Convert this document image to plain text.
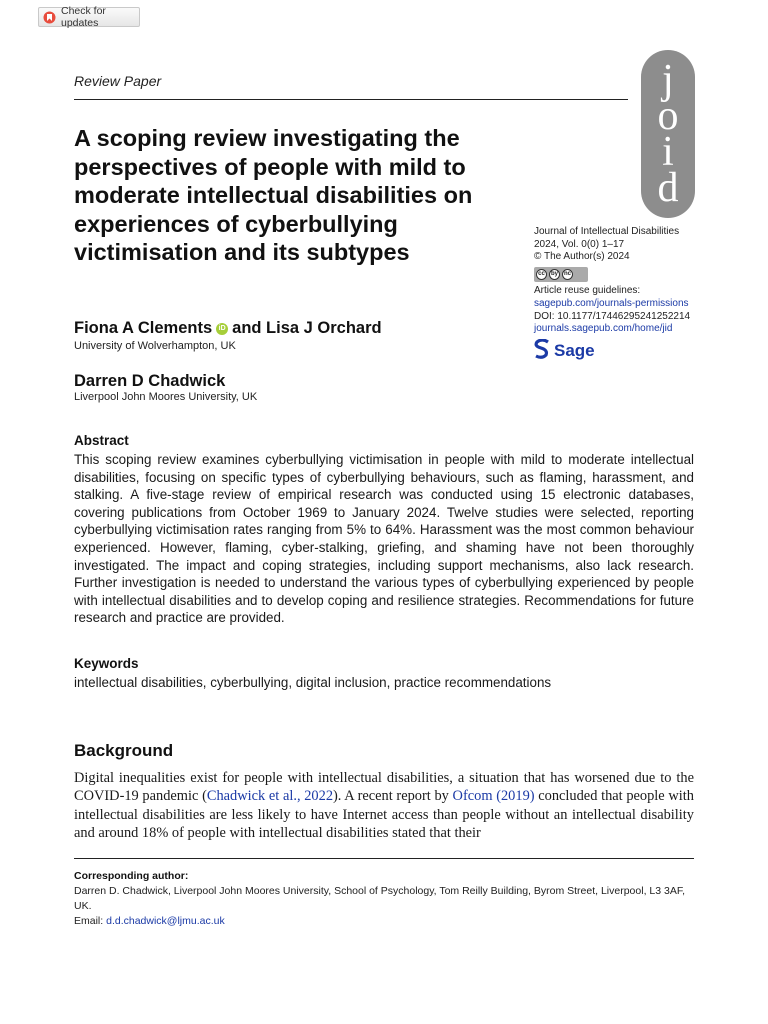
Check for updates
Review Paper	j
o
i
d
A scoping review investigating the perspectives of people with mild to moderate intellectual disabilities on experiences of cyberbullying victimisation and its subtypes
Journal of Intellectual Disabilities
2024, Vol. 0(0) 1–17
© The Author(s) 2024
cc	by nc
Article reuse guidelines:
sagepub.com/journals-permissions
DOI: 10.1177/17446295241252214
journals.sagepub.com/home/jid
Sage
Fiona A Clements iD and Lisa J Orchard
University of Wolverhampton, UK
Darren D Chadwick
Liverpool John Moores University, UK
Abstract
This scoping review examines cyberbullying victimisation in people with mild to moderate intellectual disabilities, focusing on specific types of cyberbullying behaviours, such as flaming, harassment, and stalking. A five-stage review of empirical research was conducted using 15 electronic databases, covering publications from October 1969 to January 2024. Twelve studies were selected, reporting cyberbullying victimisation rates ranging from 5% to 64%. Harassment was the most common behaviour experienced. However, flaming, cyber-stalking, griefing, and shaming have not been thoroughly investigated. The impact and coping strategies, including support mechanisms, also lack research. Further investigation is needed to understand the various types of cyberbullying experienced by people with intellectual disabilities and to develop coping and resilience strategies. Recommendations for future research and practice are provided.
Keywords
intellectual disabilities, cyberbullying, digital inclusion, practice recommendations
Background
Digital inequalities exist for people with intellectual disabilities, a situation that has worsened due to the COVID-19 pandemic (Chadwick et al., 2022). A recent report by Ofcom (2019) concluded that people with intellectual disabilities are less likely to have Internet access than people without an intellectual disability and around 18% of people with intellectual disabilities stated that their
Corresponding author:
Darren D. Chadwick, Liverpool John Moores University, School of Psychology, Tom Reilly Building, Byrom Street, Liverpool, L3 3AF, UK.
Email: d.d.chadwick@ljmu.ac.uk
